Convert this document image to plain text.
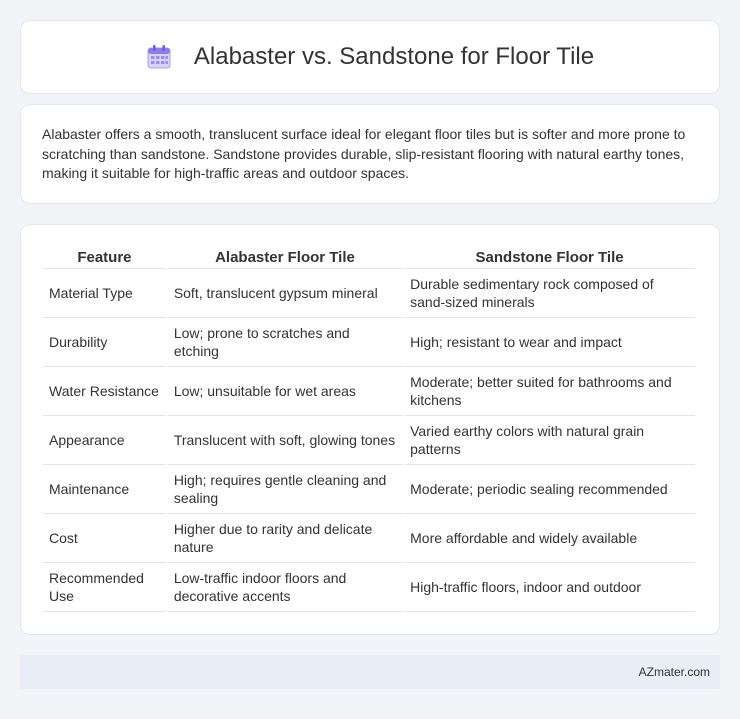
Alabaster vs. Sandstone for Floor Tile

Alabaster offers a smooth, translucent surface ideal for elegant floor tiles but is softer and more prone to scratching than sandstone. Sandstone provides durable, slip-resistant flooring with natural earthy tones, making it suitable for high-traffic areas and outdoor spaces.

Feature	Alabaster Floor Tile	Sandstone Floor Tile
Material Type	Soft, translucent gypsum mineral	Durable sedimentary rock composed of sand-sized minerals
Durability	Low; prone to scratches and etching	High; resistant to wear and impact
Water Resistance	Low; unsuitable for wet areas	Moderate; better suited for bathrooms and kitchens
Appearance	Translucent with soft, glowing tones	Varied earthy colors with natural grain patterns
Maintenance	High; requires gentle cleaning and sealing	Moderate; periodic sealing recommended
Cost	Higher due to rarity and delicate nature	More affordable and widely available
Recommended Use	Low-traffic indoor floors and decorative accents	High-traffic floors, indoor and outdoor
AZmater.com
